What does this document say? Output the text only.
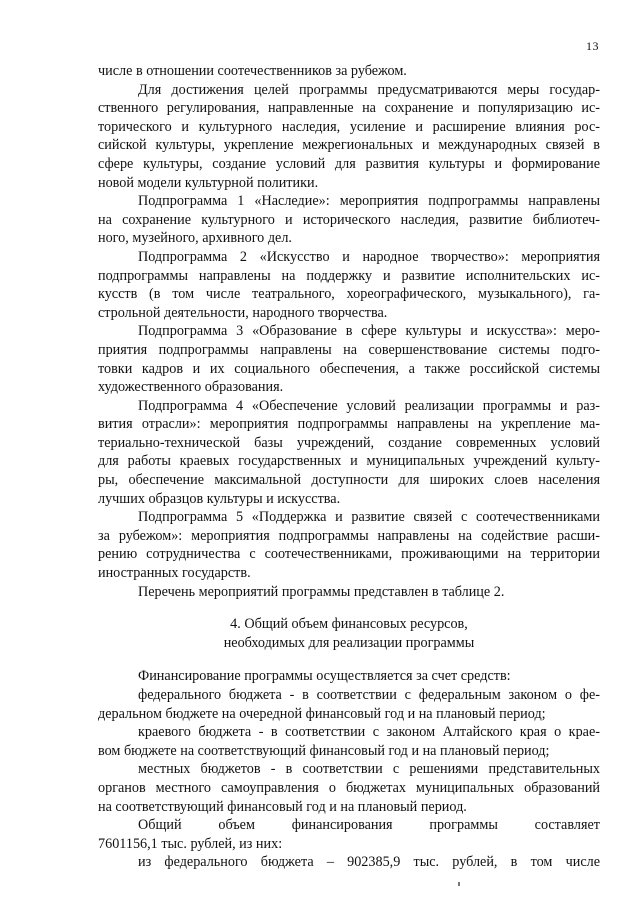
13
числе в отношении соотечественников за рубежом.
Для достижения целей программы предусматриваются меры государ-
ственного регулирования, направленные на сохранение и популяризацию ис-
торического и культурного наследия, усиление и расширение влияния рос-
сийской культуры, укрепление межрегиональных и международных связей в
сфере культуры, создание условий для развития культуры и формирование
новой модели культурной политики.
Подпрограмма 1 «Наследие»: мероприятия подпрограммы направлены
на сохранение культурного и исторического наследия, развитие библиотеч-
ного, музейного, архивного дел.
Подпрограмма 2 «Искусство и народное творчество»: мероприятия
подпрограммы направлены на поддержку и развитие исполнительских ис-
кусств (в том числе театрального, хореографического, музыкального), га-
строльной деятельности, народного творчества.
Подпрограмма 3 «Образование в сфере культуры и искусства»: меро-
приятия подпрограммы направлены на совершенствование системы подго-
товки кадров и их социального обеспечения, а также российской системы
художественного образования.
Подпрограмма 4 «Обеспечение условий реализации программы и раз-
вития отрасли»: мероприятия подпрограммы направлены на укрепление ма-
териально-технической базы учреждений, создание современных условий
для работы краевых государственных и муниципальных учреждений культу-
ры, обеспечение максимальной доступности для широких слоев населения
лучших образцов культуры и искусства.
Подпрограмма 5 «Поддержка и развитие связей с соотечественниками
за рубежом»: мероприятия подпрограммы направлены на содействие расши-
рению сотрудничества с соотечественниками, проживающими на территории
иностранных государств.
Перечень мероприятий программы представлен в таблице 2.
4. Общий объем финансовых ресурсов,
необходимых для реализации программы
Финансирование программы осуществляется за счет средств:
федерального бюджета - в соответствии с федеральным законом о фе-
деральном бюджете на очередной финансовый год и на плановый период;
краевого бюджета - в соответствии с законом Алтайского края о крае-
вом бюджете на соответствующий финансовый год и на плановый период;
местных бюджетов - в соответствии с решениями представительных
органов местного самоуправления о бюджетах муниципальных образований
на соответствующий финансовый год и на плановый период.
Общий	объем	финансирования	программы	составляет
7601156,1 тыс. рублей, из них:
из федерального бюджета – 902385,9 тыс. рублей, в том числе
